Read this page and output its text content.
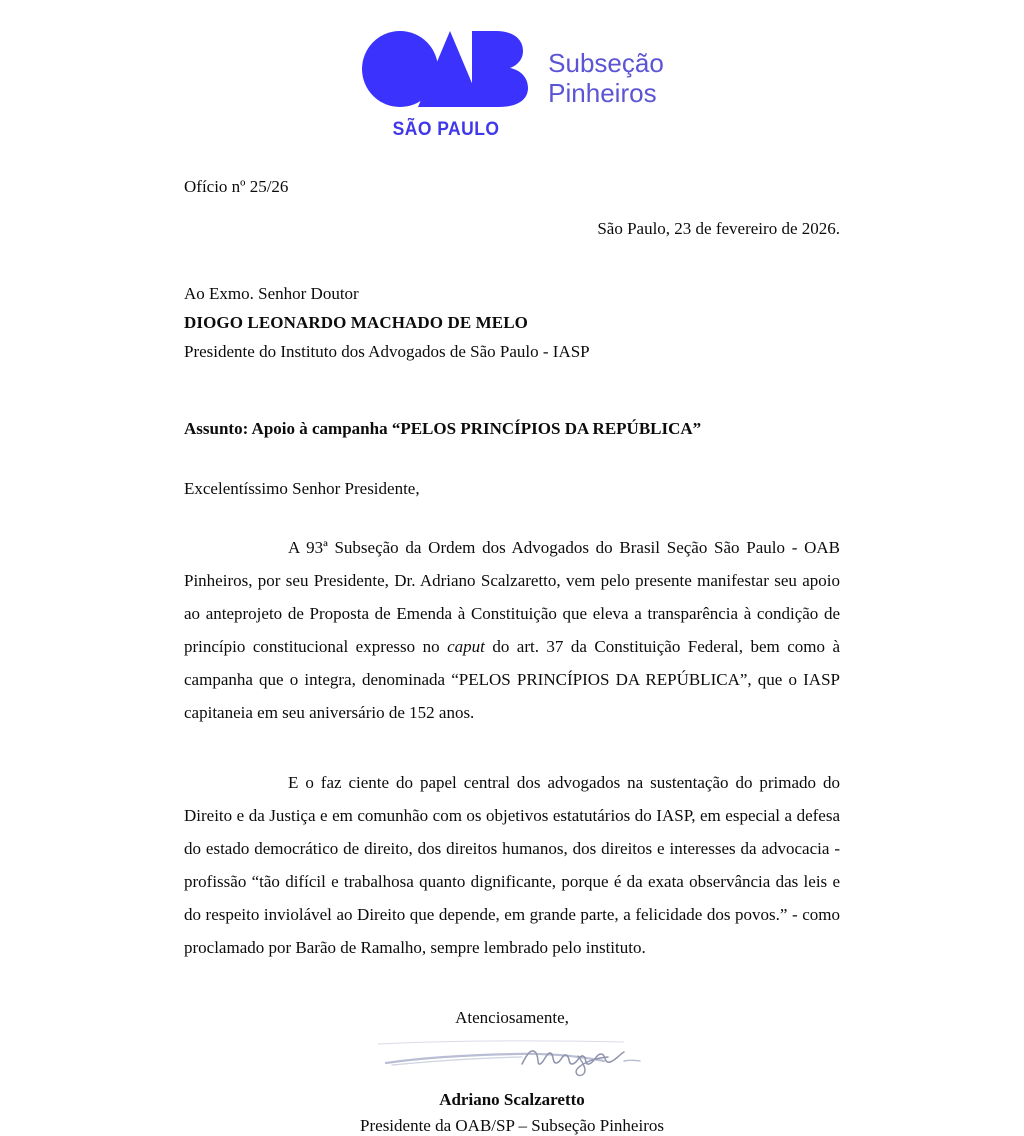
SÃO PAULO
Subseção
Pinheiros
Ofício nº 25/26
São Paulo, 23 de fevereiro de 2026.
Ao Exmo. Senhor Doutor
DIOGO LEONARDO MACHADO DE MELO
Presidente do Instituto dos Advogados de São Paulo - IASP
Assunto: Apoio à campanha “PELOS PRINCÍPIOS DA REPÚBLICA”
Excelentíssimo Senhor Presidente,

A 93ª Subseção da Ordem dos Advogados do Brasil Seção São Paulo - OAB Pinheiros, por seu Presidente, Dr. Adriano Scalzaretto, vem pelo presente manifestar seu apoio ao anteprojeto de Proposta de Emenda à Constituição que eleva a transparência à condição de princípio constitucional expresso no caput do art. 37 da Constituição Federal, bem como à campanha que o integra, denominada “PELOS PRINCÍPIOS DA REPÚBLICA”, que o IASP capitaneia em seu aniversário de 152 anos.

E o faz ciente do papel central dos advogados na sustentação do primado do Direito e da Justiça e em comunhão com os objetivos estatutários do IASP, em especial a defesa do estado democrático de direito, dos direitos humanos, dos direitos e interesses da advocacia - profissão “tão difícil e trabalhosa quanto dignificante, porque é da exata observância das leis e do respeito inviolável ao Direito que depende, em grande parte, a felicidade dos povos.” - como proclamado por Barão de Ramalho, sempre lembrado pelo instituto.

Atenciosamente,
Adriano Scalzaretto
Presidente da OAB/SP – Subseção Pinheiros
